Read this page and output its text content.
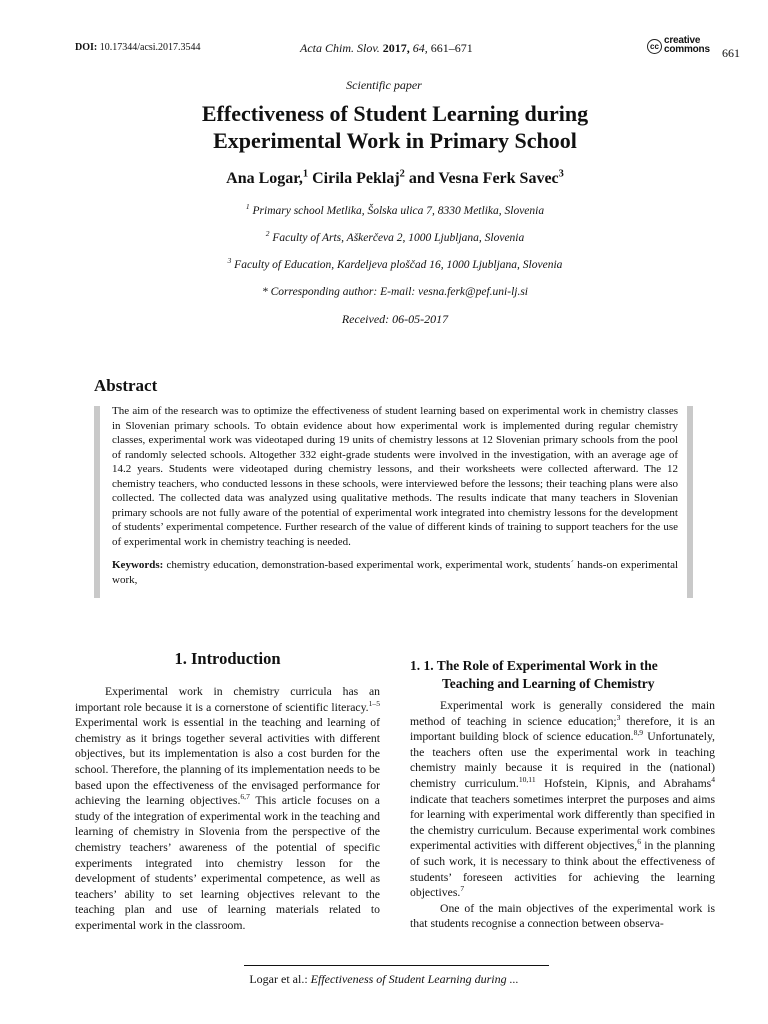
DOI: 10.17344/acsi.2017.3544	Acta Chim. Slov. 2017, 64, 661–671	cc
creative
commons 661
Scientific paper
Effectiveness of Student Learning during
Experimental Work in Primary School
Ana Logar,$^1$ Cirila Peklaj$^2$ and Vesna Ferk Savec$^3$
$^1$ Primary school Metlika, Šolska ulica 7, 8330 Metlika, Slovenia
$^2$ Faculty of Arts, Aškerčeva 2, 1000 Ljubljana, Slovenia
$^3$ Faculty of Education, Kardeljeva ploščad 16, 1000 Ljubljana, Slovenia
* Corresponding author: E-mail: vesna.ferk@pef.uni-lj.si
Received: 06-05-2017
Abstract
The aim of the research was to optimize the effectiveness of student learning based on experimental work in chemistry classes in Slovenian primary schools. To obtain evidence about how experimental work is implemented during regular chemistry classes, experimental work was videotaped during 19 units of chemistry lessons at 12 Slovenian primary schools from the pool of randomly selected schools. Altogether 332 eight-grade students were involved in the investigation, with an average age of 14.2 years. Students were videotaped during chemistry lessons, and their worksheets were collected afterward. The 12 chemistry teachers, who conducted lessons in these schools, were interviewed before the lessons; their teaching plans were also collected. The collected data was analyzed using qualitative methods. The results indicate that many teachers in Slovenian primary schools are not fully aware of the potential of experimental work integrated into chemistry lessons for the development of students’ experimental competence. Further research of the value of different kinds of training to support teachers for the use of experimental work in chemistry teaching is needed.
Keywords: chemistry education, demonstration-based experimental work, experimental work, students´ hands-on experimental work,
1. Introduction

Experimental work in chemistry curricula has an important role because it is a cornerstone of scientific literacy.$^{1-5}$ Experimental work is essential in the teaching and learning of chemistry as it brings together several activities with different objectives, but its implementation is also a cost burden for the school. Therefore, the planning of its implementation needs to be based upon the effectiveness of the envisaged performance for achieving the learning objectives.$^{6,7}$ This article focuses on a study of the integration of experimental work in the teaching and learning of chemistry in Slovenia from the perspective of the chemistry teachers’ awareness of the potential of specific experiments integrated into chemistry lesson for the development of students’ experimental competence, as well as teachers’ ability to set learning objectives relevant to the teaching plan and use of learning materials related to experimental work in the classroom.

1. 1. The Role of Experimental Work in the
Teaching and Learning of Chemistry

Experimental work is generally considered the main method of teaching in science education;$^3$ therefore, it is an important building block of science education.$^{8,9}$ Unfortunately, the teachers often use the experimental work in teaching chemistry mainly because it is required in the (national) chemistry curriculum.$^{10,11}$ Hofstein, Kipnis, and Abrahams$^4$ indicate that teachers sometimes interpret the purposes and aims for learning with experimental work differently than specified in the chemistry curriculum. Because experimental work combines experimental activities with different objectives,$^6$ in the planning of such work, it is necessary to think about the effectiveness of students’ foreseen activities for achieving the learning objectives.$^7$

One of the main objectives of the experimental work is that students recognise a connection between observa-

Logar et al.: Effectiveness of Student Learning during ...
